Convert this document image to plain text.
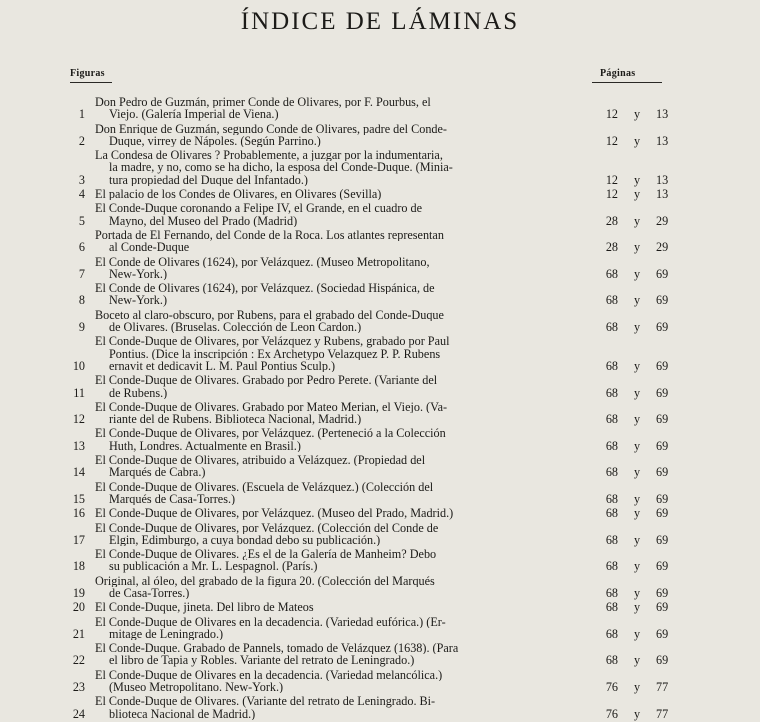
ÍNDICE DE LÁMINAS
Figuras	Páginas
1
Don Pedro de Guzmán, primer Conde de Olivares, por F. Pourbus, el
Viejo. (Galería Imperial de Viena.)	12	y	13
2
Don Enrique de Guzmán, segundo Conde de Olivares, padre del Conde-
Duque, virrey de Nápoles. (Según Parrino.)	12	y	13
3
La Condesa de Olivares ? Probablemente, a juzgar por la indumentaria,
la madre, y no, como se ha dicho, la esposa del Conde-Duque. (Minia-
tura propiedad del Duque del Infantado.)	12	y	13
4 El palacio de los Condes de Olivares, en Olivares (Sevilla)	12	y	13
5
El Conde-Duque coronando a Felipe IV, el Grande, en el cuadro de
Mayno, del Museo del Prado (Madrid)	28	y	29
6
Portada de El Fernando, del Conde de la Roca. Los atlantes representan
al Conde-Duque	28	y	29
7
El Conde de Olivares (1624), por Velázquez. (Museo Metropolitano,
New-York.)	68	y	69
8
El Conde de Olivares (1624), por Velázquez. (Sociedad Hispánica, de
New-York.)	68	y	69
9
Boceto al claro-obscuro, por Rubens, para el grabado del Conde-Duque
de Olivares. (Bruselas. Colección de Leon Cardon.)	68	y	69
10
El Conde-Duque de Olivares, por Velázquez y Rubens, grabado por Paul
Pontius. (Dice la inscripción : Ex Archetypo Velazquez P. P. Rubens
ernavit et dedicavit L. M. Paul Pontius Sculp.)	68	y	69
11
El Conde-Duque de Olivares. Grabado por Pedro Perete. (Variante del
de Rubens.)	68	y	69
12
El Conde-Duque de Olivares. Grabado por Mateo Merian, el Viejo. (Va-
riante del de Rubens. Biblioteca Nacional, Madrid.)	68	y	69
13
El Conde-Duque de Olivares, por Velázquez. (Perteneció a la Colección
Huth, Londres. Actualmente en Brasil.)	68	y	69
14
El Conde-Duque de Olivares, atribuido a Velázquez. (Propiedad del
Marqués de Cabra.)	68	y	69
15
El Conde-Duque de Olivares. (Escuela de Velázquez.) (Colección del
Marqués de Casa-Torres.)	68	y	69
16 El Conde-Duque de Olivares, por Velázquez. (Museo del Prado, Madrid.)	68	y	69
17
El Conde-Duque de Olivares, por Velázquez. (Colección del Conde de
Elgin, Edimburgo, a cuya bondad debo su publicación.)	68	y	69
18
El Conde-Duque de Olivares. ¿Es el de la Galería de Manheim? Debo
su publicación a Mr. L. Lespagnol. (París.)	68	y	69
19
Original, al óleo, del grabado de la figura 20. (Colección del Marqués
de Casa-Torres.)	68	y	69
20 El Conde-Duque, jineta. Del libro de Mateos	68	y	69
21
El Conde-Duque de Olivares en la decadencia. (Variedad eufórica.) (Er-
mitage de Leningrado.)	68	y	69
22
El Conde-Duque. Grabado de Pannels, tomado de Velázquez (1638). (Para
el libro de Tapia y Robles. Variante del retrato de Leningrado.)	68	y	69
23
El Conde-Duque de Olivares en la decadencia. (Variedad melancólica.)
(Museo Metropolitano. New-York.)	76	y	77
24
El Conde-Duque de Olivares. (Variante del retrato de Leningrado. Bi-
blioteca Nacional de Madrid.)	76	y	77
